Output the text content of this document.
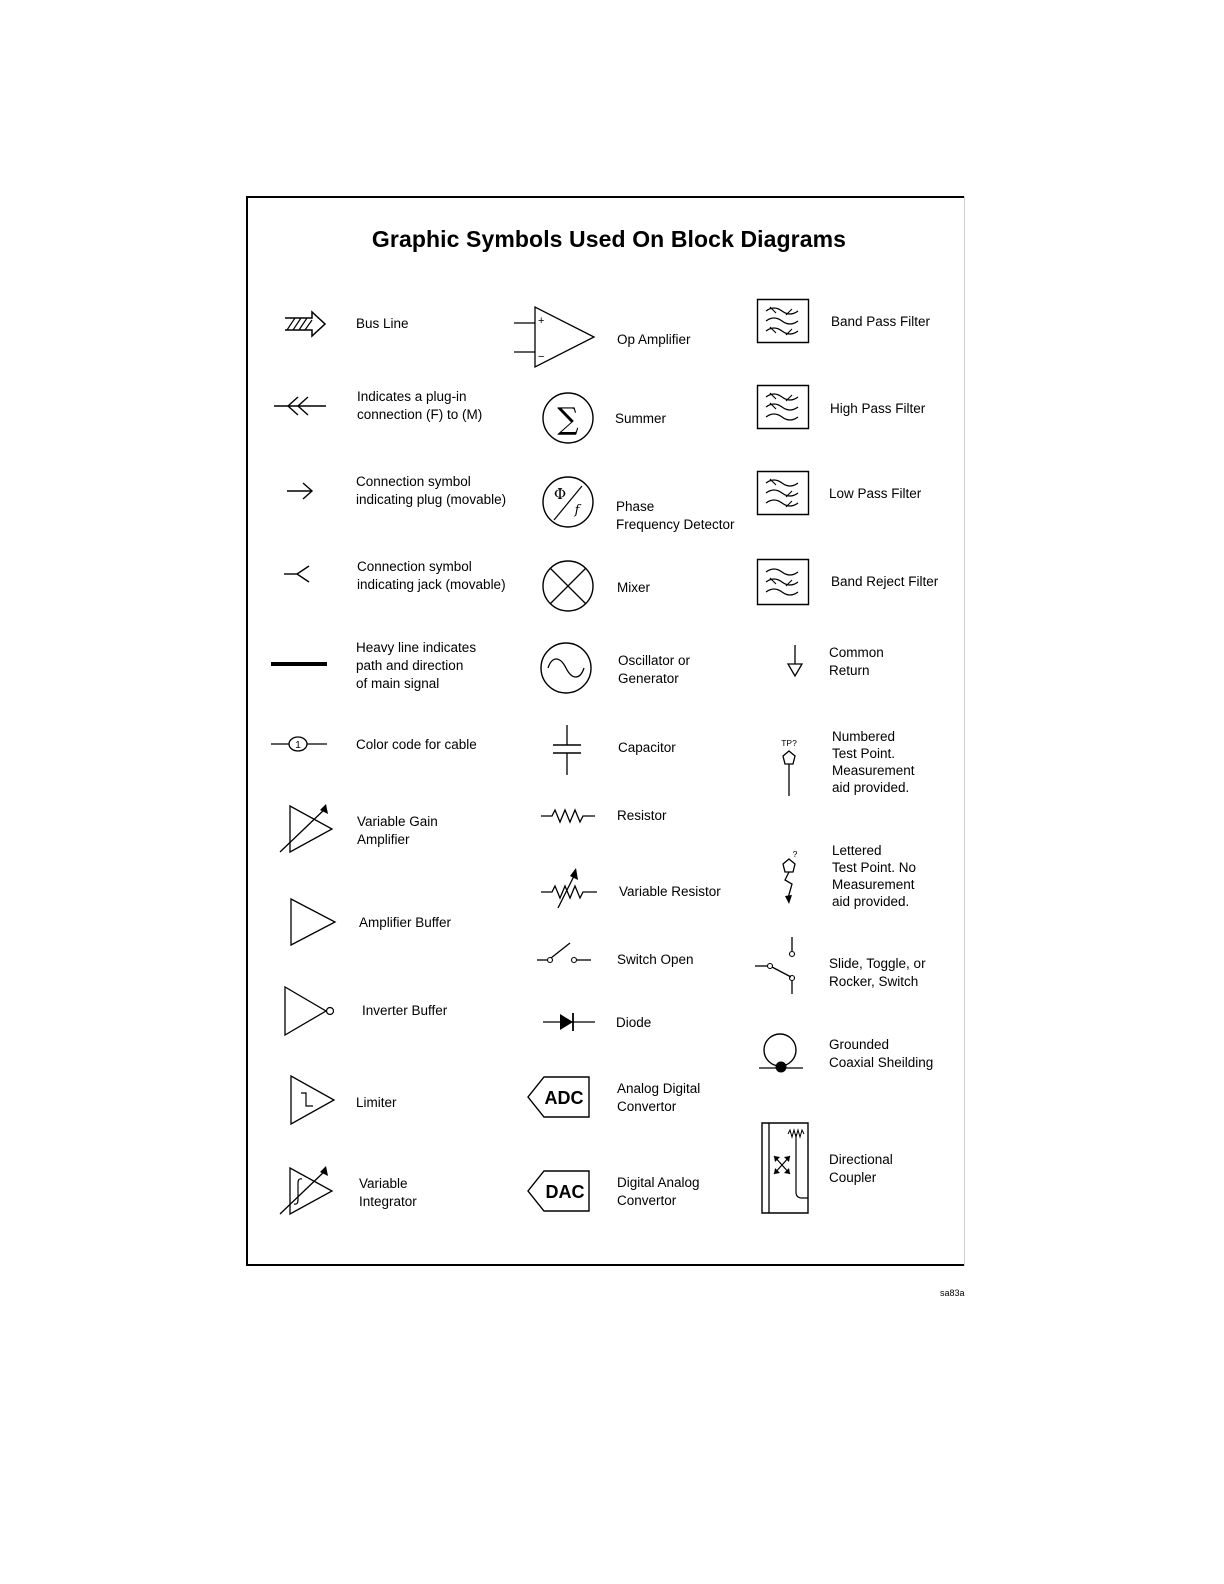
Graphic Symbols Used On Block Diagrams
1
+
−
∑
Φ
f
ADC
DAC
TP?
?
Bus Line
Indicates a plug-in
connection (F) to (M)
Connection symbol
indicating plug (movable)
Connection symbol
indicating jack (movable)
Heavy line indicates
path and direction
of main signal
Color code for cable
Variable Gain
Amplifier
Amplifier Buffer
Inverter Buffer
Limiter
Variable
Integrator
Op Amplifier
Summer
Phase
Frequency Detector
Mixer
Oscillator or
Generator
Capacitor
Resistor
Variable Resistor
Switch Open
Diode
Analog Digital
Convertor
Digital Analog
Convertor
Band Pass Filter
High Pass Filter
Low Pass Filter
Band Reject Filter
Common
Return
Numbered
Test Point.
Measurement
aid provided.
Lettered
Test Point. No
Measurement
aid provided.
Slide, Toggle, or
Rocker, Switch
Grounded
Coaxial Sheilding
Directional
Coupler
sa83a
